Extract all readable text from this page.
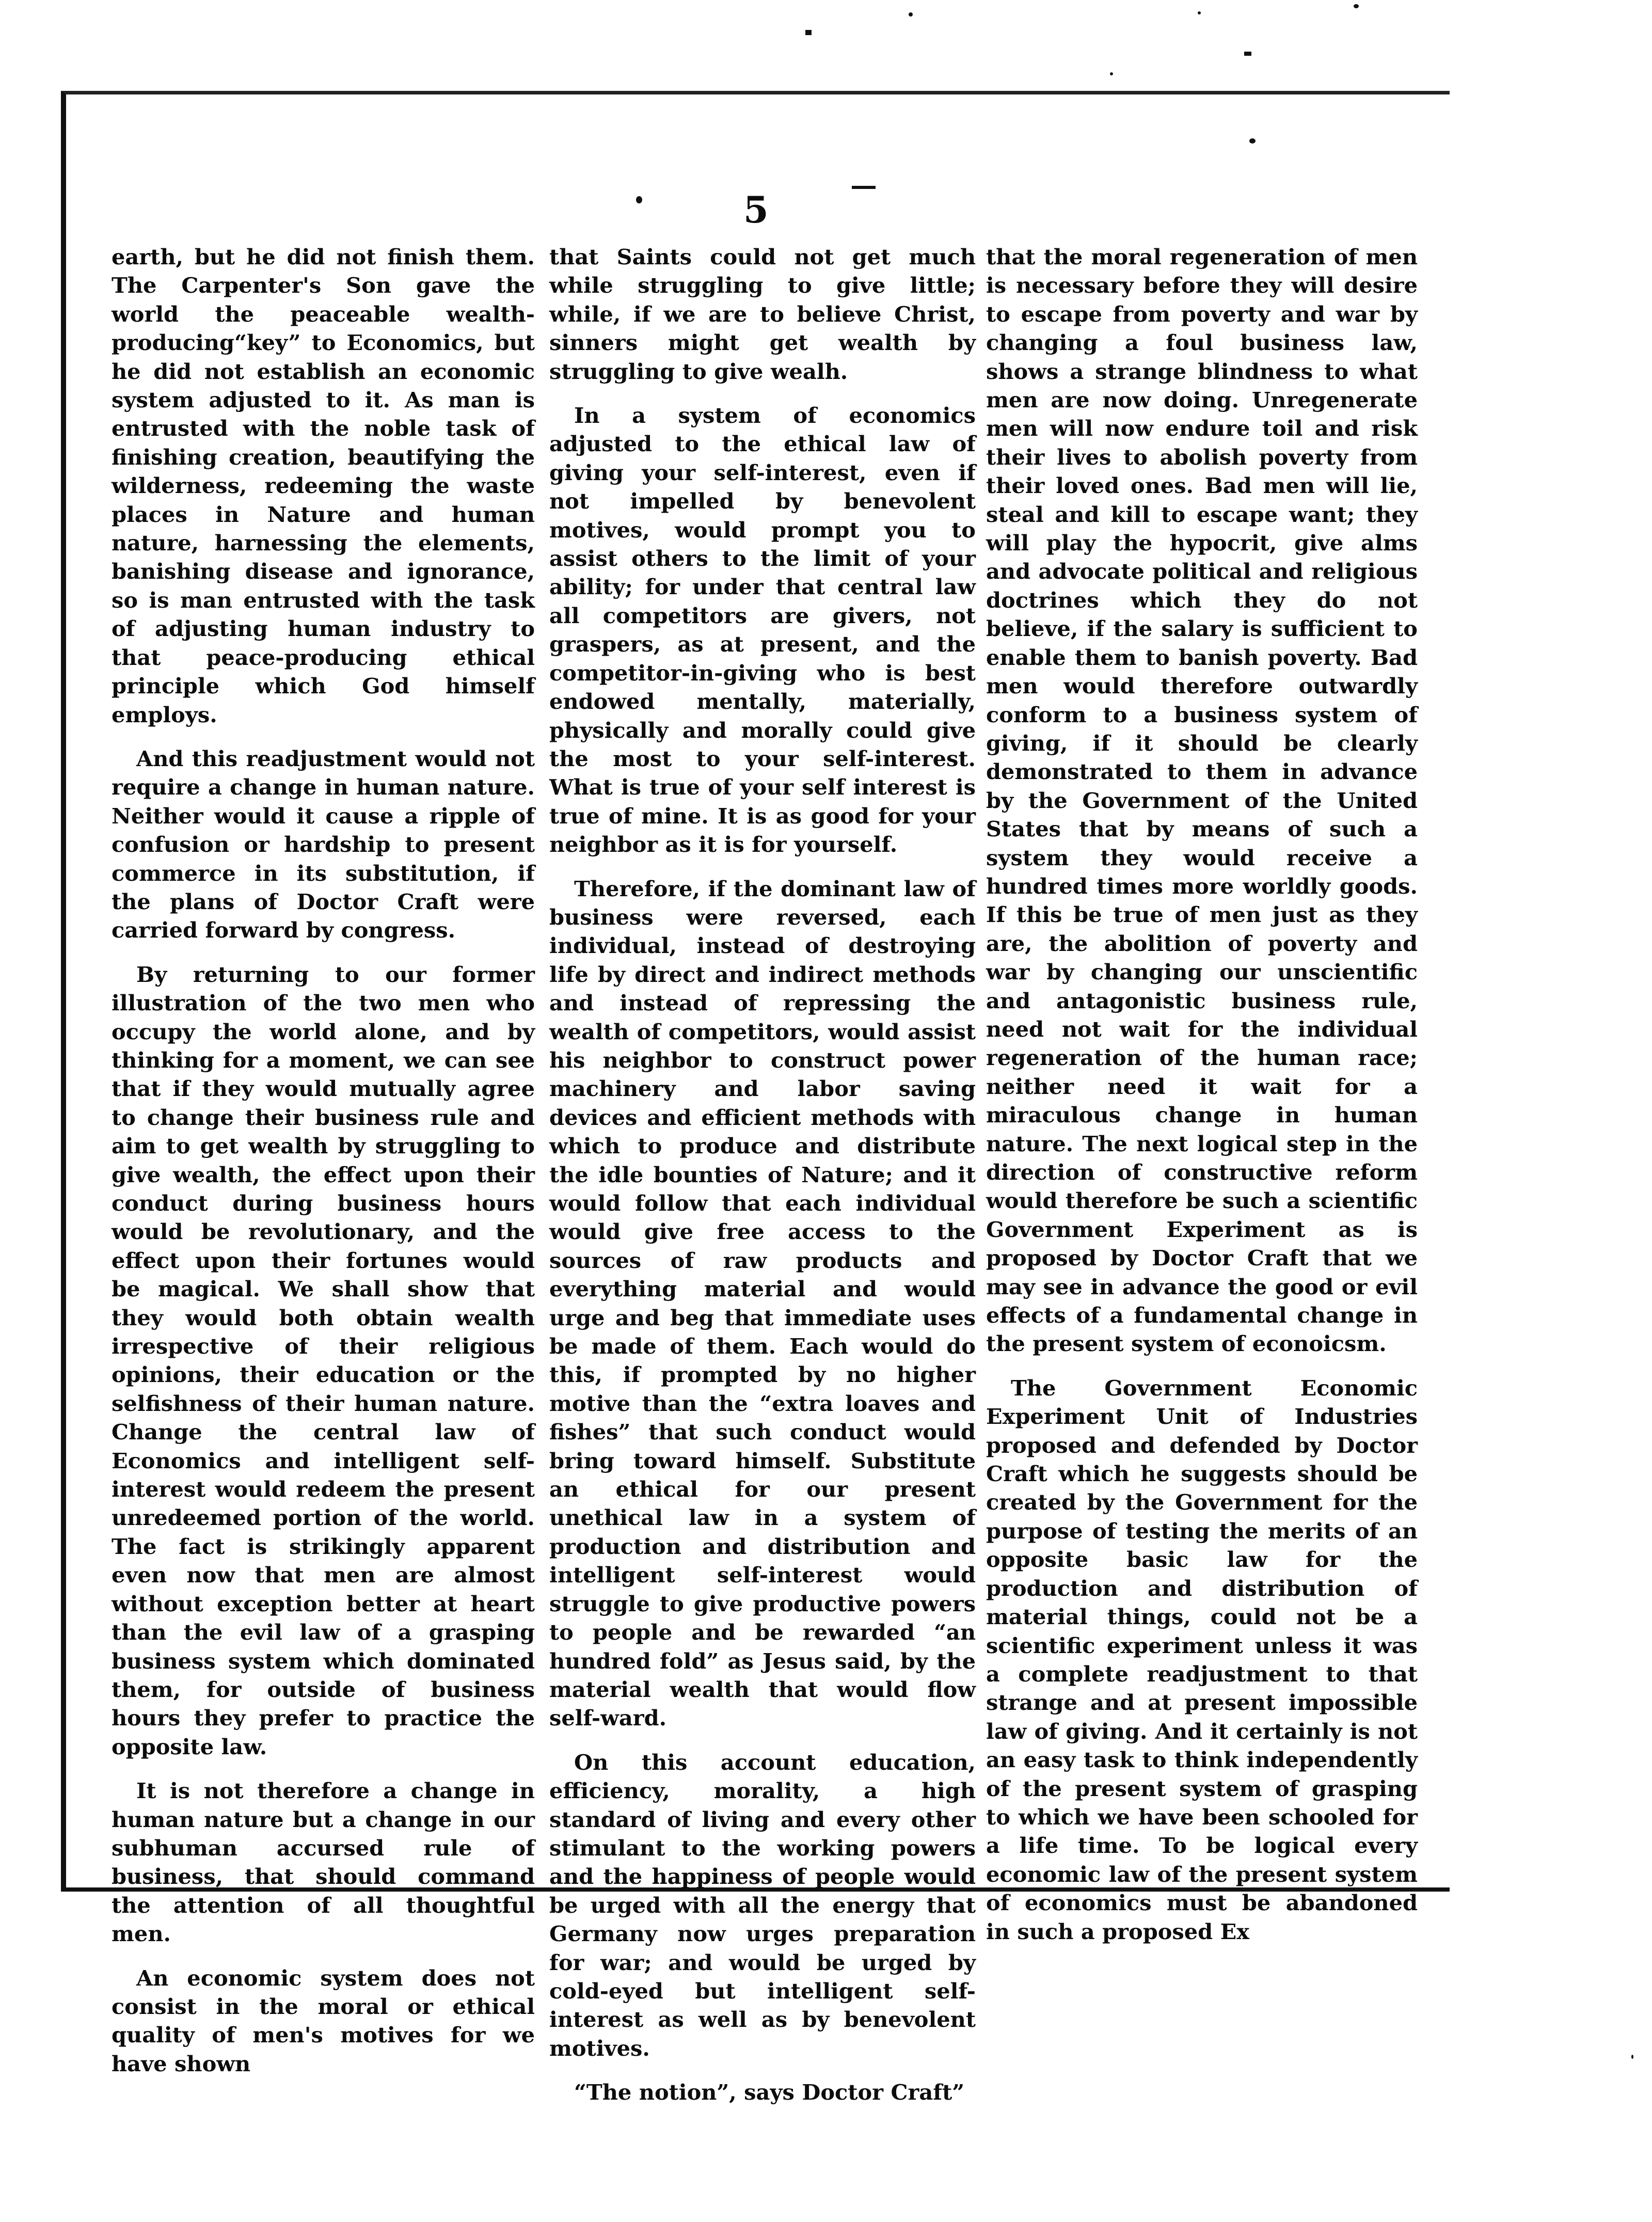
5

earth, but he did not finish them. The Carpenter's Son gave the world the peaceable wealth-producing“key” to Economics, but he did not establish an economic system adjusted to it. As man is entrusted with the noble task of finishing creation, beautifying the wilderness, redeeming the waste places in Nature and human nature, harnessing the elements, banishing disease and ignorance, so is man entrusted with the task of adjusting human industry to that peace-producing ethical principle which God himself employs.

And this readjustment would not require a change in human nature. Neither would it cause a ripple of confusion or hardship to present commerce in its substitution, if the plans of Doctor Craft were carried forward by congress.

By returning to our former illustration of the two men who occupy the world alone, and by thinking for a moment, we can see that if they would mutually agree to change their business rule and aim to get wealth by struggling to give wealth, the effect upon their conduct during business hours would be revolutionary, and the effect upon their fortunes would be magical. We shall show that they would both obtain wealth irrespective of their religious opinions, their education or the selfishness of their human nature. Change the central law of Economics and intelligent self-interest would redeem the present unredeemed portion of the world. The fact is strikingly apparent even now that men are almost without exception better at heart than the evil law of a grasping business system which dominated them, for outside of business hours they prefer to practice the opposite law.

It is not therefore a change in human nature but a change in our subhuman accursed rule of business, that should command the attention of all thoughtful men.

An economic system does not consist in the moral or ethical quality of men's motives for we have shown

that Saints could not get much while struggling to give little; while, if we are to believe Christ, sinners might get wealth by struggling to give wealh.

In a system of economics adjusted to the ethical law of giving your self-interest, even if not impelled by benevolent motives, would prompt you to assist others to the limit of your ability; for under that central law all competitors are givers, not graspers, as at present, and the competitor-in-giving who is best endowed mentally, materially, physically and morally could give the most to your self-interest. What is true of your self interest is true of mine. It is as good for your neighbor as it is for yourself.

Therefore, if the dominant law of business were reversed, each individual, instead of destroying life by direct and indirect methods and instead of repressing the wealth of competitors, would assist his neighbor to construct power machinery and labor saving devices and efficient methods with which to produce and distribute the idle bounties of Nature; and it would follow that each individual would give free access to the sources of raw products and everything material and would urge and beg that immediate uses be made of them. Each would do this, if prompted by no higher motive than the “extra loaves and fishes” that such conduct would bring toward himself. Substitute an ethical for our present unethical law in a system of production and distribution and intelligent self-interest would struggle to give productive powers to people and be rewarded “an hundred fold” as Jesus said, by the material wealth that would flow self-ward.

On this account education, efficiency, morality, a high standard of living and every other stimulant to the working powers and the happiness of people would be urged with all the energy that Germany now urges preparation for war; and would be urged by cold-eyed but intelligent self-interest as well as by benevolent motives.

“The notion”, says Doctor Craft”

that the moral regeneration of men is necessary before they will desire to escape from poverty and war by changing a foul business law, shows a strange blindness to what men are now doing. Unregenerate men will now endure toil and risk their lives to abolish poverty from their loved ones. Bad men will lie, steal and kill to escape want; they will play the hypocrit, give alms and advocate political and religious doctrines which they do not believe, if the salary is sufficient to enable them to banish poverty. Bad men would therefore outwardly conform to a business system of giving, if it should be clearly demonstrated to them in advance by the Government of the United States that by means of such a system they would receive a hundred times more worldly goods. If this be true of men just as they are, the abolition of poverty and war by changing our unscientific and antagonistic business rule, need not wait for the individual regeneration of the human race; neither need it wait for a miraculous change in human nature. The next logical step in the direction of constructive reform would therefore be such a scientific Government Experiment as is proposed by Doctor Craft that we may see in advance the good or evil effects of a fundamental change in the present system of econoicsm.

The Government Economic Experiment Unit of Industries proposed and defended by Doctor Craft which he suggests should be created by the Government for the purpose of testing the merits of an opposite basic law for the production and distribution of material things, could not be a scientific experiment unless it was a complete readjustment to that strange and at present impossible law of giving. And it certainly is not an easy task to think independently of the present system of grasping to which we have been schooled for a life time. To be logical every economic law of the present system of economics must be abandoned in such a proposed Ex
